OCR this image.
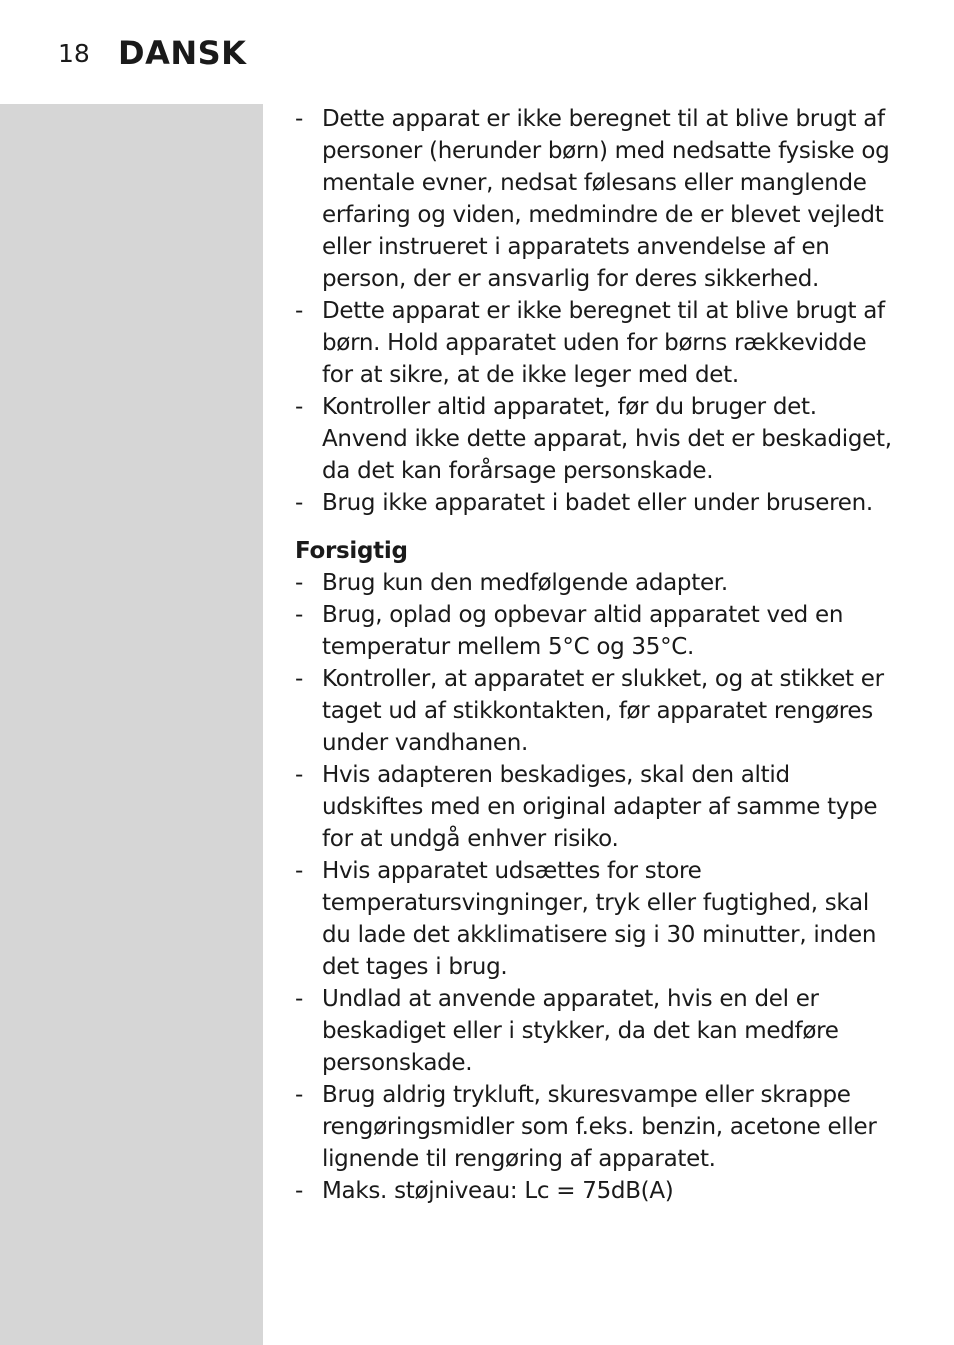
18 DANSK
- Dette apparat er ikke beregnet til at blive brugt af personer (herunder børn) med nedsatte fysiske og mentale evner, nedsat følesans eller manglende erfaring og viden, medmindre de er blevet vejledt eller instrueret i apparatets anvendelse af en person, der er ansvarlig for deres sikkerhed.
- Dette apparat er ikke beregnet til at blive brugt af børn. Hold apparatet uden for børns rækkevidde for at sikre, at de ikke leger med det.
- Kontroller altid apparatet, før du bruger det. Anvend ikke dette apparat, hvis det er beskadiget, da det kan forårsage personskade.
- Brug ikke apparatet i badet eller under bruseren.
Forsigtig
- Brug kun den medfølgende adapter.
- Brug, oplad og opbevar altid apparatet ved en temperatur mellem 5°C og 35°C.
- Kontroller, at apparatet er slukket, og at stikket er taget ud af stikkontakten, før apparatet rengøres under vandhanen.
- Hvis adapteren beskadiges, skal den altid udskiftes med en original adapter af samme type for at undgå enhver risiko.
- Hvis apparatet udsættes for store temperatursvingninger, tryk eller fugtighed, skal du lade det akklimatisere sig i 30 minutter, inden det tages i brug.
- Undlad at anvende apparatet, hvis en del er beskadiget eller i stykker, da det kan medføre personskade.
- Brug aldrig trykluft, skuresvampe eller skrappe rengøringsmidler som f.eks. benzin, acetone eller lignende til rengøring af apparatet.
- Maks. støjniveau: Lc = 75dB(A)
